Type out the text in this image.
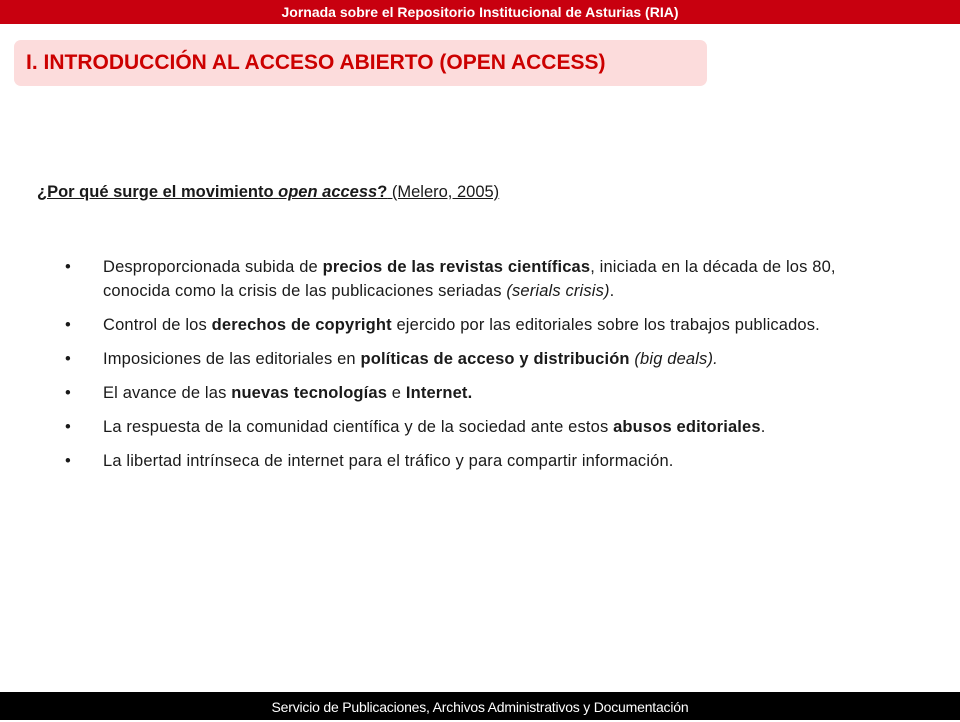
Jornada sobre el Repositorio Institucional de Asturias (RIA)
I. INTRODUCCIÓN AL ACCESO ABIERTO (OPEN ACCESS)
¿Por qué surge el movimiento open access? (Melero, 2005)
• Desproporcionada subida de precios de las revistas científicas, iniciada en la década de los 80, conocida como la crisis de las publicaciones seriadas (serials crisis).
• Control de los derechos de copyright ejercido por las editoriales sobre los trabajos publicados.
• Imposiciones de las editoriales en políticas de acceso y distribución (big deals).
• El avance de las nuevas tecnologías e Internet.
• La respuesta de la comunidad científica y de la sociedad ante estos abusos editoriales.
• La libertad intrínseca de internet para el tráfico y para compartir información.
Servicio de Publicaciones, Archivos Administrativos y Documentación
